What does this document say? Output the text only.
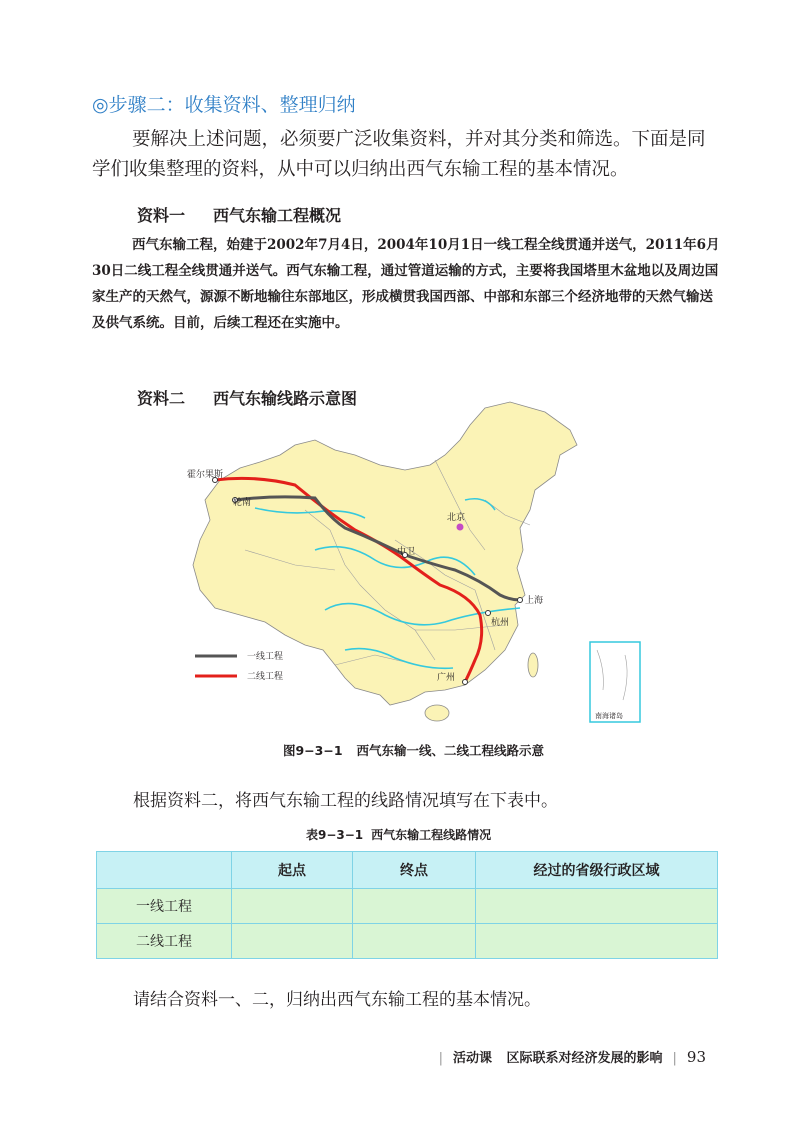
◎步骤二：收集资料、整理归纳
要解决上述问题，必须要广泛收集资料，并对其分类和筛选。下面是同学们收集整理的资料，从中可以归纳出西气东输工程的基本情况。
资料一 西气东输工程概况
西气东输工程，始建于2002年7月4日，2004年10月1日一线工程全线贯通并送气，2011年6月30日二线工程全线贯通并送气。西气东输工程，通过管道运输的方式，主要将我国塔里木盆地以及周边国家生产的天然气，源源不断地输往东部地区，形成横贯我国西部、中部和东部三个经济地带的天然气输送及供气系统。目前，后续工程还在实施中。
资料二 西气东输线路示意图
霍尔果斯
轮南
北京
中卫
上海
杭州
广州
一线工程
二线工程
南海诸岛
图9−3−1 西气东输一线、二线工程线路示意
根据资料二，将西气东输工程的线路情况填写在下表中。
表9−3−1 西气东输工程线路情况
	起点	终点	经过的省级行政区域
一线工程			
二线工程			
请结合资料一、二，归纳出西气东输工程的基本情况。
| 活动课 区际联系对经济发展的影响 | 93
